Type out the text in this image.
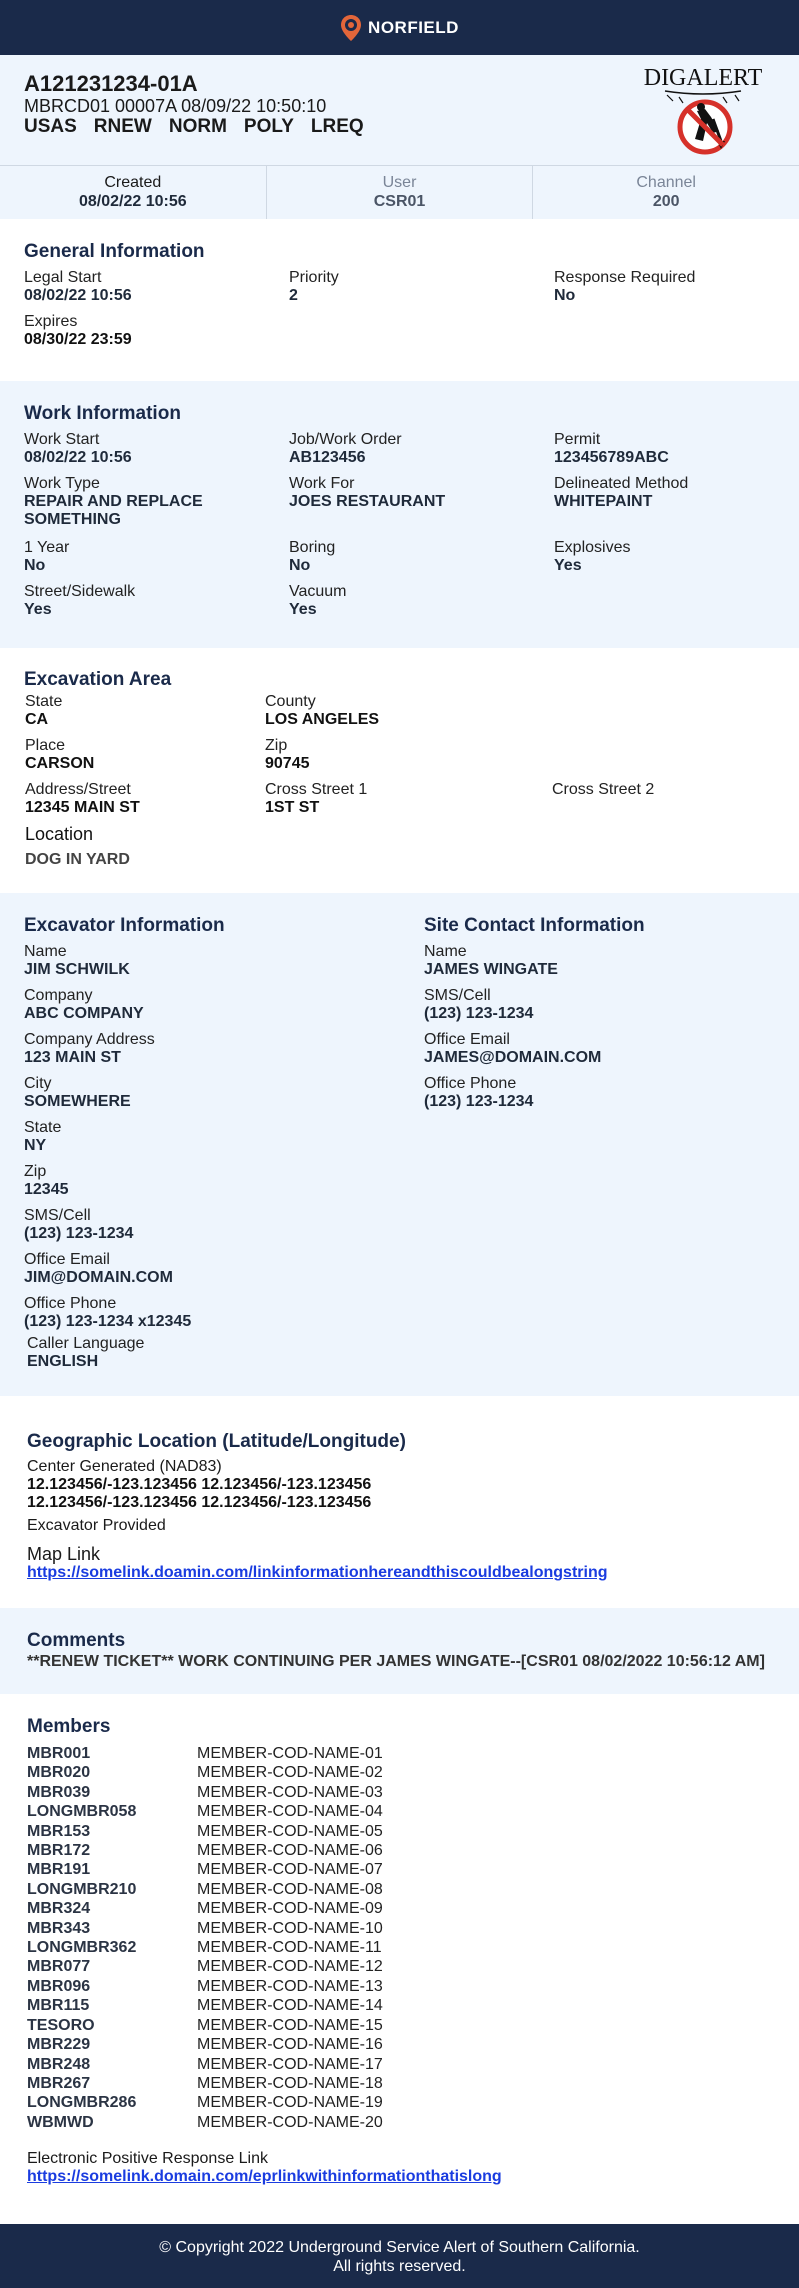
NORFIELD
A121231234-01A
MBRCD01 00007A 08/09/22 10:50:10
USAS RNEW NORM POLY LREQ
DIGALERT
Created
08/02/22 10:56
User
CSR01
Channel
200
General Information
Legal Start
08/02/22 10:56
Priority
2
Response Required
No
Expires
08/30/22 23:59
Work Information
Work Start
08/02/22 10:56
Job/Work Order
AB123456
Permit
123456789ABC
Work Type
REPAIR AND REPLACE SOMETHING
Work For
JOES RESTAURANT
Delineated Method
WHITEPAINT
1 Year
No
Boring
No
Explosives
Yes
Street/Sidewalk
Yes
Vacuum
Yes
Excavation Area
State
CA
County
LOS ANGELES
Place
CARSON
Zip
90745
Address/Street
12345 MAIN ST
Cross Street 1
1ST ST
Cross Street 2
Location
DOG IN YARD
Excavator Information
Name
JIM SCHWILK
Company
ABC COMPANY
Company Address
123 MAIN ST
City
SOMEWHERE
State
NY
Zip
12345
SMS/Cell
(123) 123-1234
Office Email
JIM@DOMAIN.COM
Office Phone
(123) 123-1234 x12345
Caller Language
ENGLISH
Site Contact Information
Name
JAMES WINGATE
SMS/Cell
(123) 123-1234
Office Email
JAMES@DOMAIN.COM
Office Phone
(123) 123-1234
Geographic Location (Latitude/Longitude)
Center Generated (NAD83)
12.123456/-123.123456 12.123456/-123.123456
12.123456/-123.123456 12.123456/-123.123456
Excavator Provided
Map Link
https://somelink.doamin.com/linkinformationhereandthiscouldbealongstring
Comments
**RENEW TICKET** WORK CONTINUING PER JAMES WINGATE--[CSR01 08/02/2022 10:56:12 AM]
Members
MBR001	MEMBER-COD-NAME-01
MBR020	MEMBER-COD-NAME-02
MBR039	MEMBER-COD-NAME-03
LONGMBR058	MEMBER-COD-NAME-04
MBR153	MEMBER-COD-NAME-05
MBR172	MEMBER-COD-NAME-06
MBR191	MEMBER-COD-NAME-07
LONGMBR210	MEMBER-COD-NAME-08
MBR324	MEMBER-COD-NAME-09
MBR343	MEMBER-COD-NAME-10
LONGMBR362	MEMBER-COD-NAME-11
MBR077	MEMBER-COD-NAME-12
MBR096	MEMBER-COD-NAME-13
MBR115	MEMBER-COD-NAME-14
TESORO	MEMBER-COD-NAME-15
MBR229	MEMBER-COD-NAME-16
MBR248	MEMBER-COD-NAME-17
MBR267	MEMBER-COD-NAME-18
LONGMBR286	MEMBER-COD-NAME-19
WBMWD	MEMBER-COD-NAME-20
Electronic Positive Response Link
https://somelink.domain.com/eprlinkwithinformationthatislong
© Copyright 2022 Underground Service Alert of Southern California.
All rights reserved.
